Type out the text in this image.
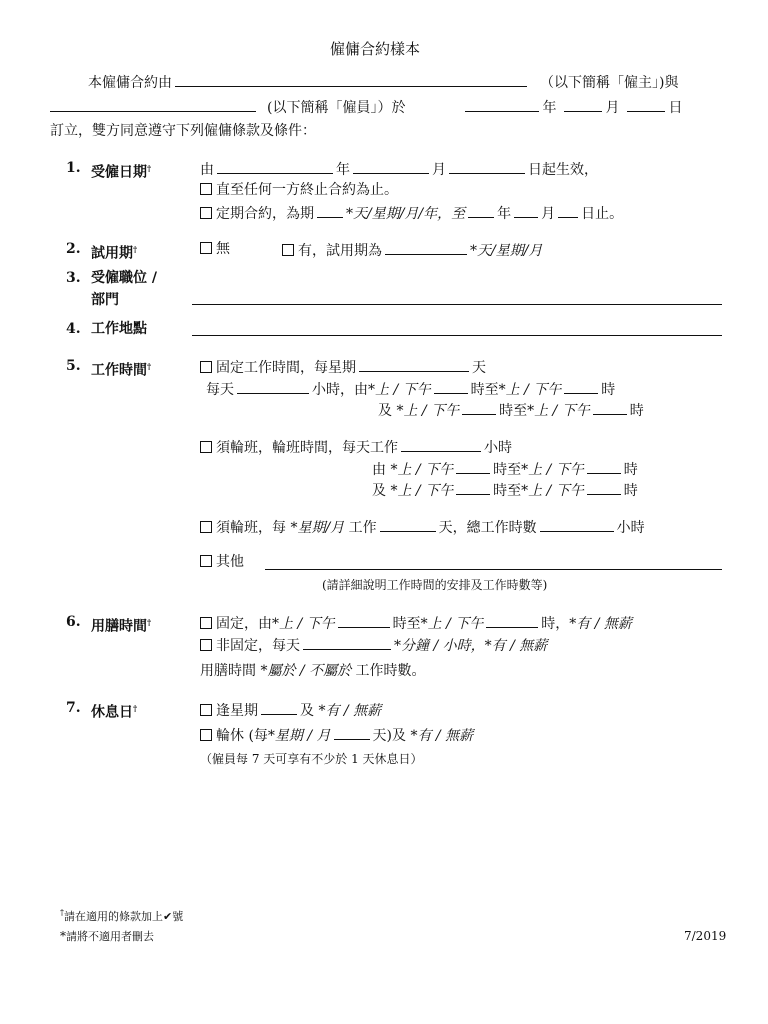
僱傭合約樣本
本僱傭合約由	（以下簡稱「僱主」)與
(以下簡稱「僱員」）於	年	月	日
訂立，雙方同意遵守下列僱傭條款及條件：
1. 受僱日期†	由	年	月	日起生效，
直至任何一方終止合約為止。
定期合約，為期 *天/星期/月/年，至 年 月 日止。
2. 試用期†	無	有，試用期為	*天/星期/月
3. 受僱職位 /
部門
4. 工作地點
5. 工作時間†	固定工作時間，每星期	天
每天	小時，由*上 / 下午	時至*上 / 下午	時
及 *上 / 下午	時至*上 / 下午	時
須輪班，輪班時間，每天工作	小時
由 *上 / 下午	時至*上 / 下午	時
及 *上 / 下午	時至*上 / 下午	時
須輪班，每 *星期/月 工作	天，總工作時數	小時
其他
(請詳細說明工作時間的安排及工作時數等)
6. 用膳時間†	固定，由*上 / 下午	時至*上 / 下午	時，*有 / 無薪
非固定，每天	*分鐘 / 小時，*有 / 無薪
用膳時間 *屬於 / 不屬於 工作時數。
7. 休息日†	逢星期	及 *有 / 無薪
輪休 (每*星期 / 月	天)及 *有 / 無薪
（僱員每 7 天可享有不少於 1 天休息日）
†請在適用的條款加上✔號
*請將不適用者刪去	7/2019
